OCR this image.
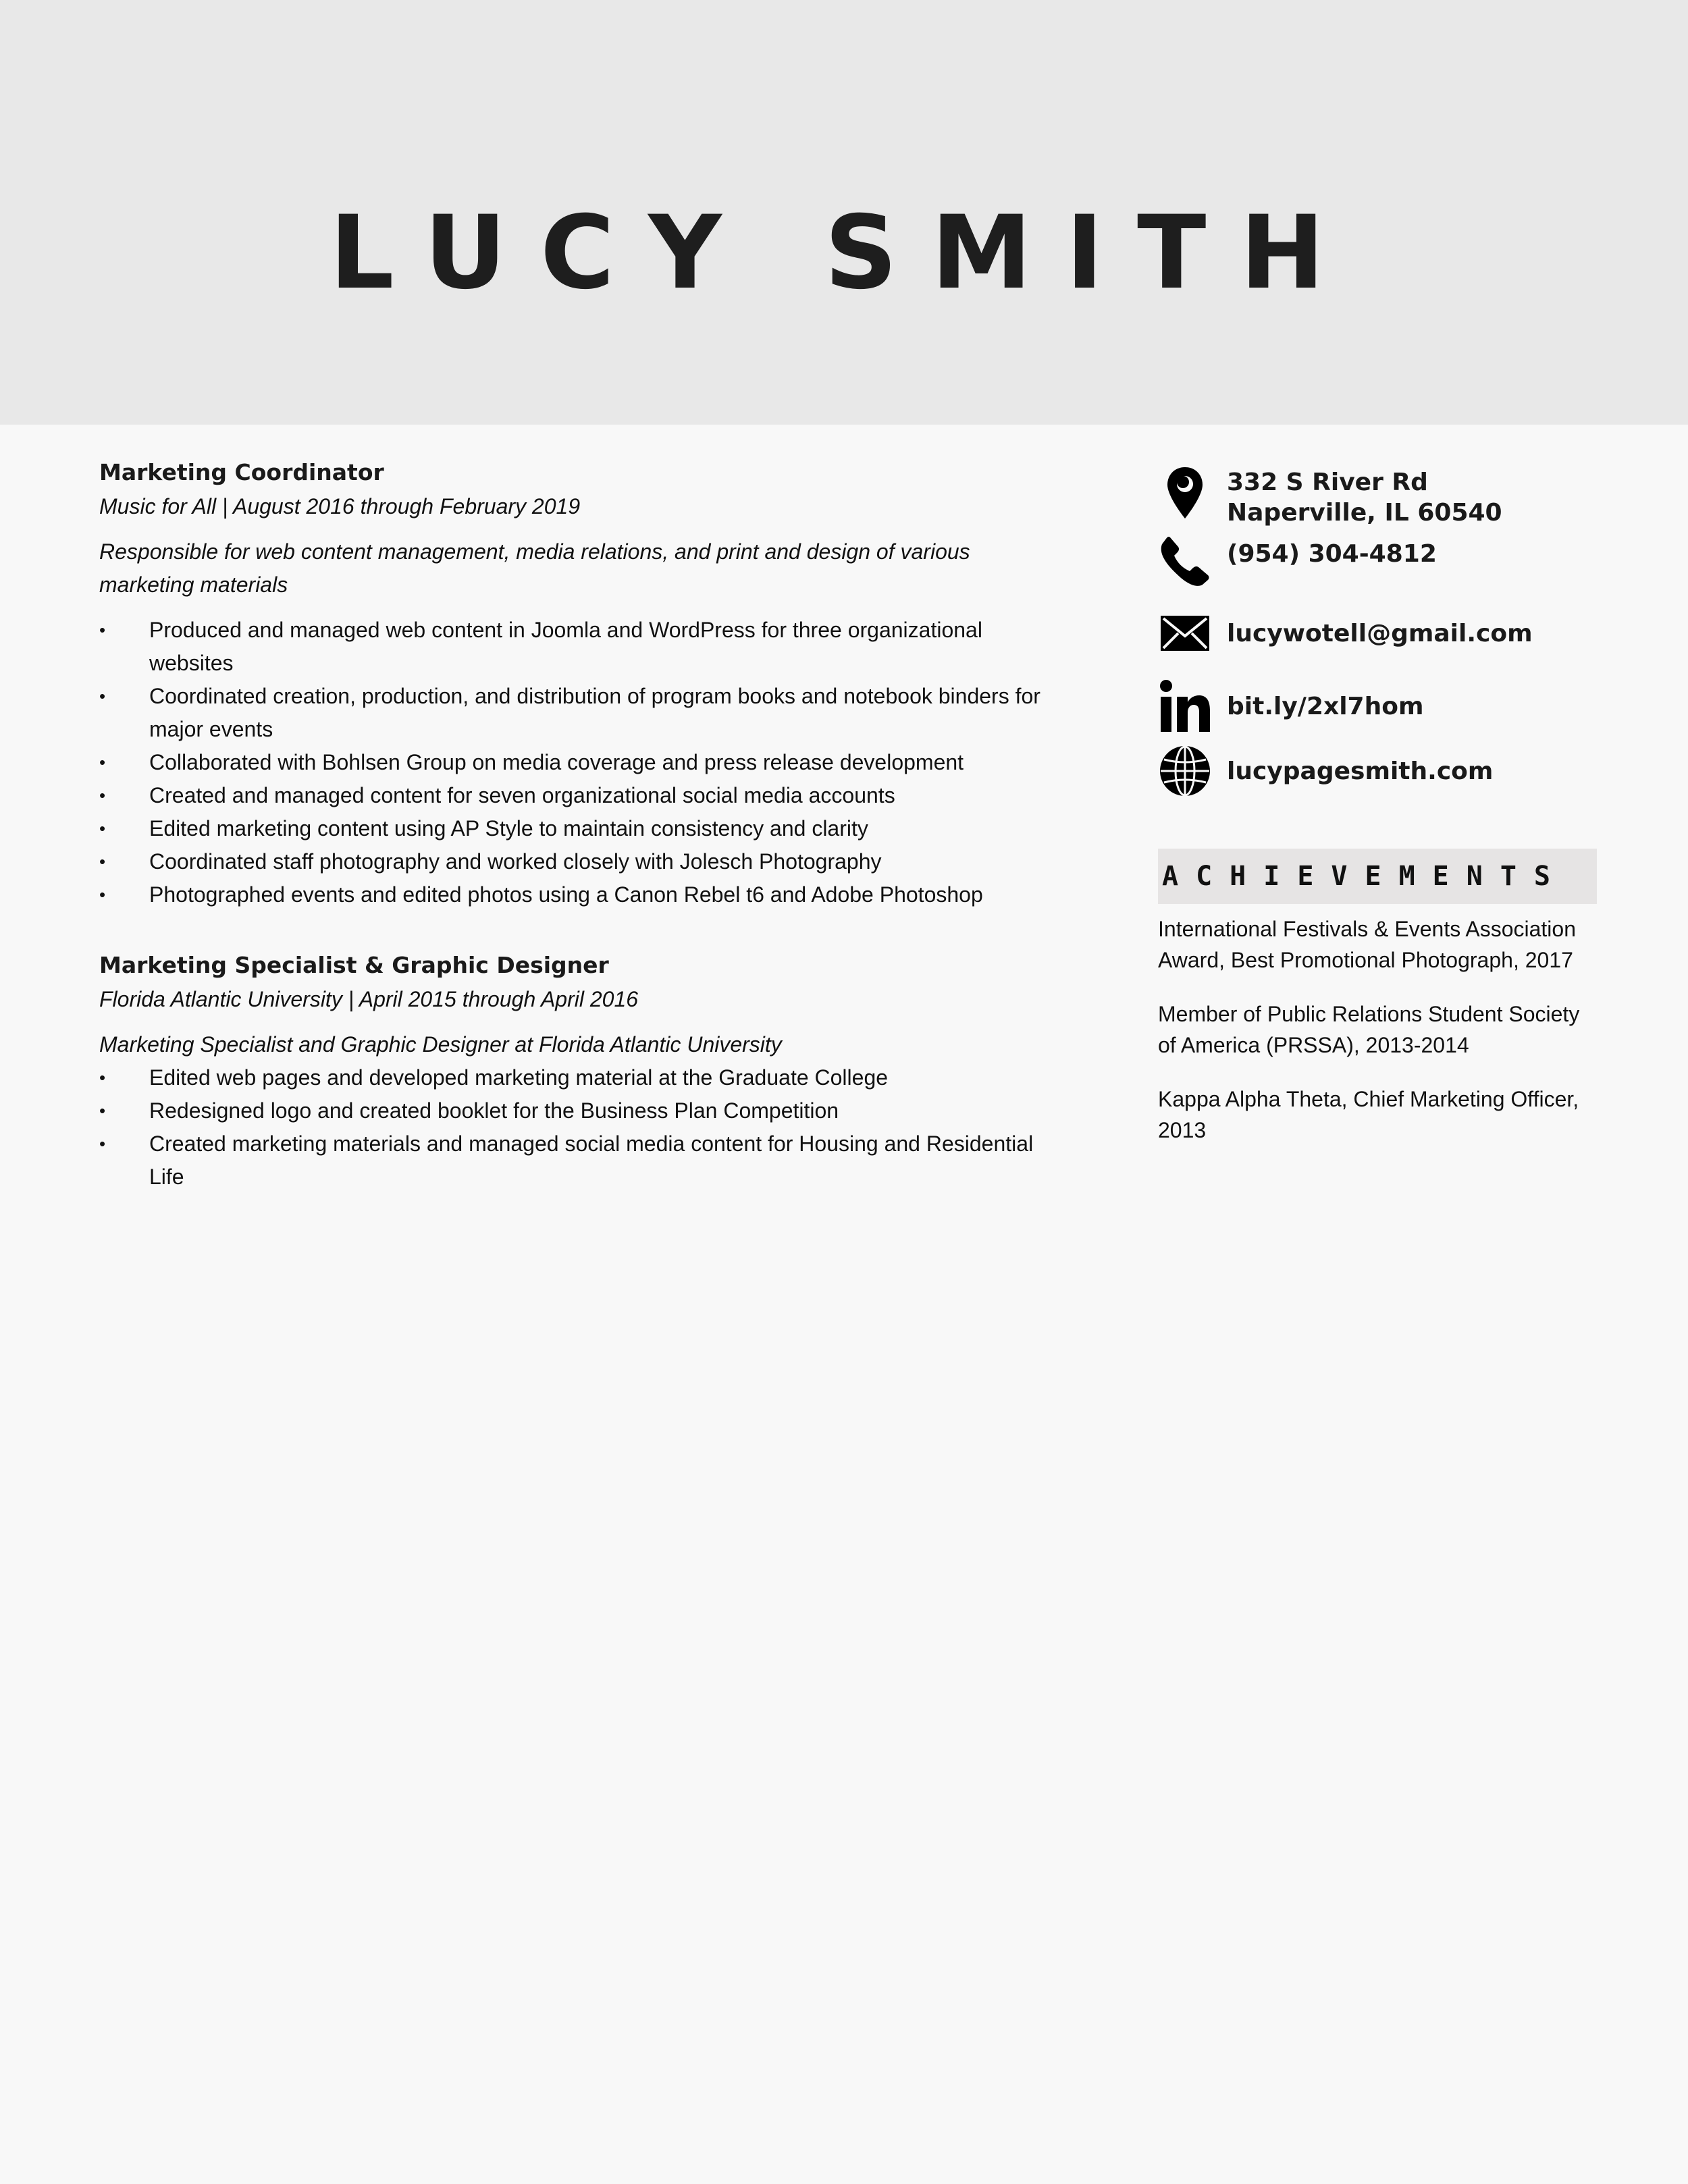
LUCY SMITH
Marketing Coordinator
Music for All | August 2016 through February 2019
Responsible for web content management, media relations, and print and design of various marketing materials
• Produced and managed web content in Joomla and WordPress for three organizational websites
• Coordinated creation, production, and distribution of program books and notebook binders for major events
• Collaborated with Bohlsen Group on media coverage and press release development
• Created and managed content for seven organizational social media accounts
• Edited marketing content using AP Style to maintain consistency and clarity
• Coordinated staff photography and worked closely with Jolesch Photography
• Photographed events and edited photos using a Canon Rebel t6 and Adobe Photoshop
Marketing Specialist & Graphic Designer
Florida Atlantic University | April 2015 through April 2016
Marketing Specialist and Graphic Designer at Florida Atlantic University
• Edited web pages and developed marketing material at the Graduate College
• Redesigned logo and created booklet for the Business Plan Competition
• Created marketing materials and managed social media content for Housing and Residential Life
332 S River Rd
Naperville, IL 60540
(954) 304-4812
lucywotell@gmail.com
bit.ly/2xl7hom
lucypagesmith.com
ACHIEVEMENTS
International Festivals & Events Association Award, Best Promotional Photograph, 2017
Member of Public Relations Student Society of America (PRSSA), 2013-2014
Kappa Alpha Theta, Chief Marketing Officer, 2013
